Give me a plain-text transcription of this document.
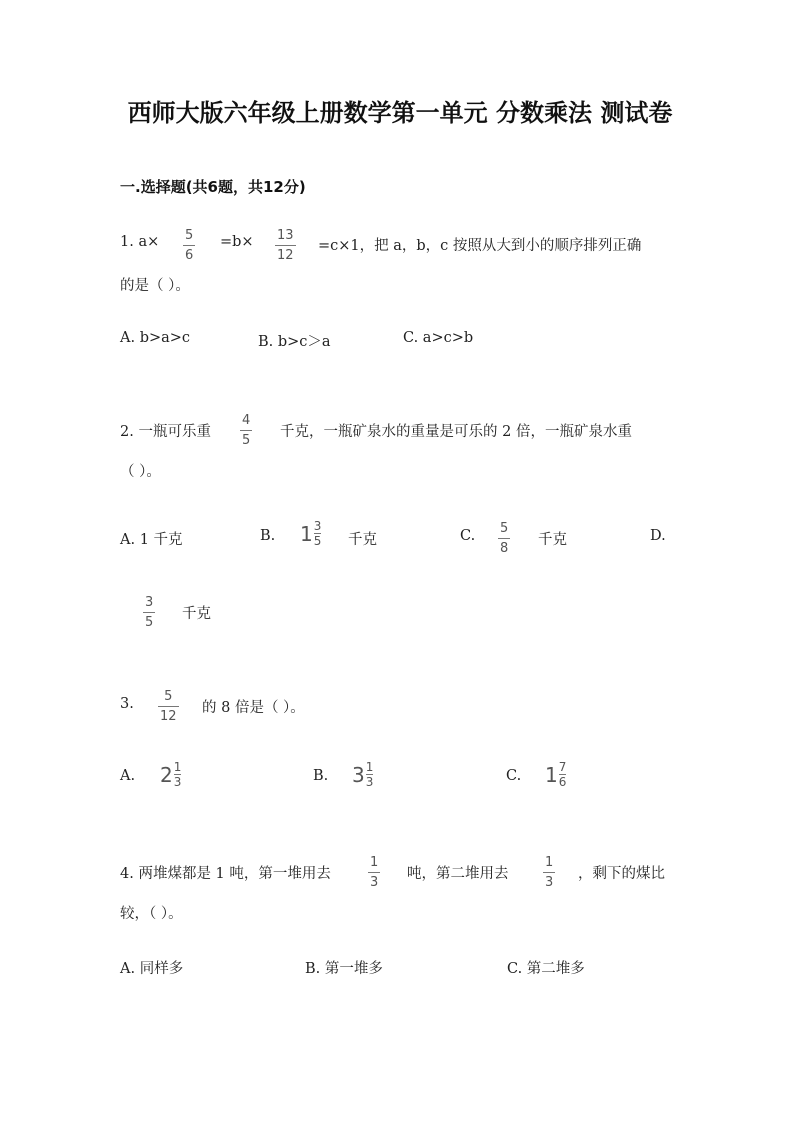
西师大版六年级上册数学第一单元 分数乘法 测试卷
一.选择题(共6题，共12分)
1. a× 5
6
=b× 13
12
=c×1，把 a，b，c 按照从大到小的顺序排列正确
的是（ ）。
A. b>a>c	B. b>c＞a	C. a>c>b
2. 一瓶可乐重
4
5
千克，一瓶矿泉水的重量是可乐的 2 倍，一瓶矿泉水重
（ ）。
A. 1 千克	B. $1 \frac{3}{5}$ 千克	C. 5
8
千克	D.
3
5
千克
3. 5
12
的 8 倍是（ ）。
A. $2 \frac{1}{3}$	B. $3 \frac{1}{3}$	C. $1 \frac{7}{6}$
4. 两堆煤都是 1 吨，第一堆用去
1
3
吨，第二堆用去
1
3
，剩下的煤比
较，（ ）。
A. 同样多	B. 第一堆多	C. 第二堆多
